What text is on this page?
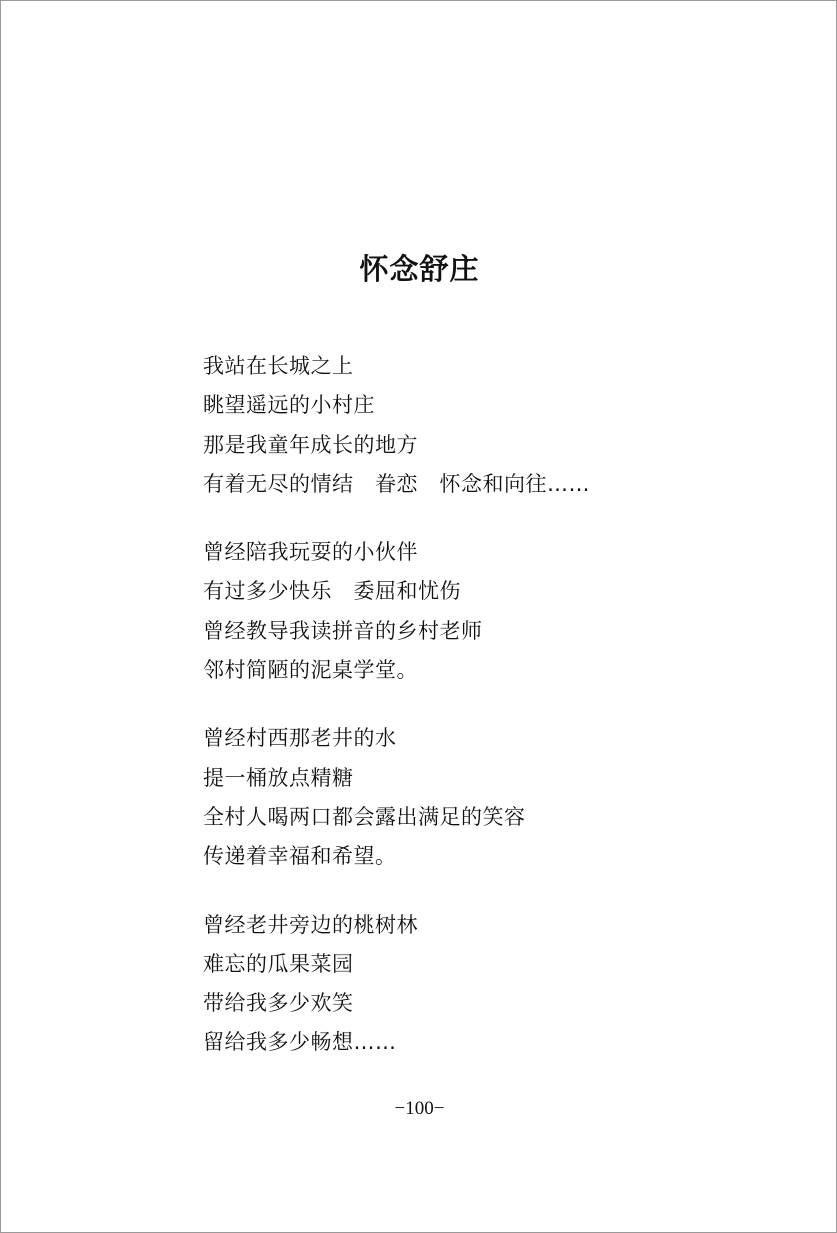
怀念舒庄
我站在长城之上
眺望遥远的小村庄
那是我童年成长的地方
有着无尽的情结　眷恋　怀念和向往……
曾经陪我玩耍的小伙伴
有过多少快乐　委屈和忧伤
曾经教导我读拼音的乡村老师
邻村简陋的泥桌学堂。
曾经村西那老井的水
提一桶放点精糖
全村人喝两口都会露出满足的笑容
传递着幸福和希望。
曾经老井旁边的桃树林
难忘的瓜果菜园
带给我多少欢笑
留给我多少畅想……
−100−
